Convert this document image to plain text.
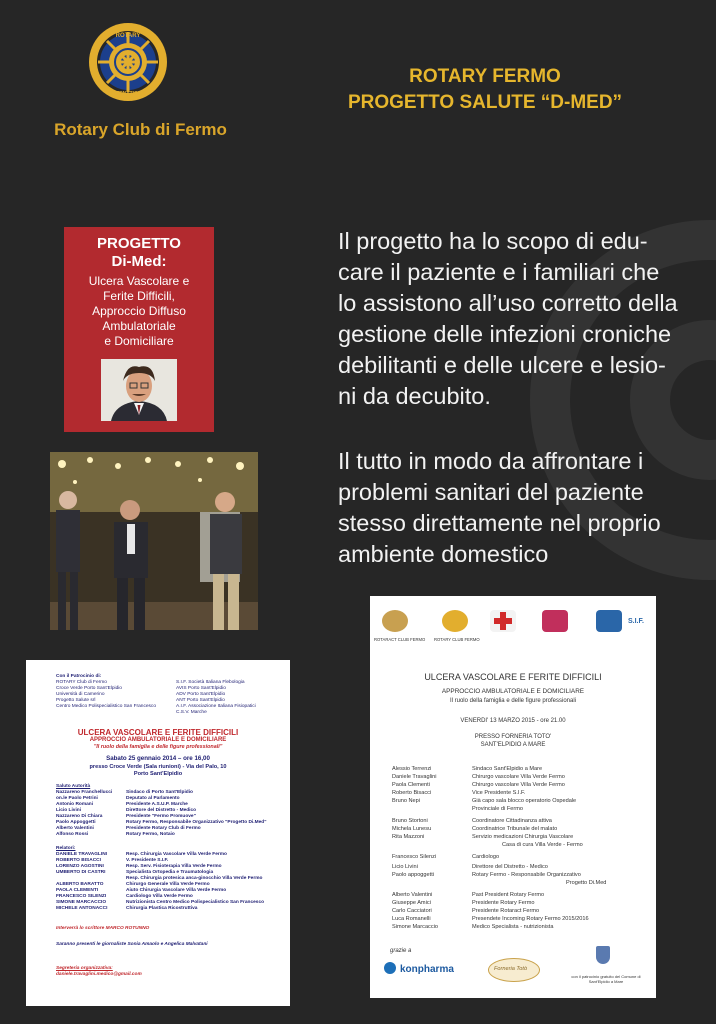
ROTARY
INTERNATIONAL
Rotary Club di Fermo
ROTARY FERMO
PROGETTO SALUTE “D-MED”
Il progetto ha lo scopo di edu-
care il paziente e i familiari che
lo assistono all’uso corretto della
gestione delle infezioni croniche
debilitanti e delle ulcere e lesio-
ni da decubito.
Il tutto in modo da affrontare i
problemi sanitari del paziente
stesso direttamente nel proprio
ambiente domestico
PROGETTO
Di-Med:
Ulcera Vascolare e
Ferite Difficili,
Approccio Diffuso
Ambulatoriale
e Domiciliare
Con il Patrocinio di:
ROTARY Club di Fermo
Croce Verde Porto Sant'Elpidio
Università di Camerino
Progetto Salute srl
Centro Medico Polispecialistico San Francesco
S.I.F. Società Italiana Flebologia
AVIS Porto Sant'Elpidio
ADV Porto Sant'Elpidio
ANT Porto Sant'Elpidio
A.I.F. Associazione Italiana Fisiopatici
C.S.V. Marche
ULCERA VASCOLARE E FERITE DIFFICILI
APPROCCIO AMBULATORIALE E DOMICILIARE
"Il ruolo della famiglia e delle figure professionali"
Sabato 25 gennaio 2014 – ore 16,00
presso Croce Verde (Sala riunioni) - Via del Palo, 10
Porto Sant'Elpidio
Saluto Autorità
Nazzareno Franchellucci	Sindaco di Porto Sant'Elpidio
on.le Paolo Petrini	Deputato al Parlamento
Antonio Romani	Presidente A.S.U.P. Marche
Licio Livini	Direttore del Distretto - Medico
Nazzareno Di Chiara	Presidente "Fermo Promuove"
Paolo Appoggetti	Rotary Fermo, Responsabile Organizzativo "Progetto Di.Med"
Alberto Valentini	Presidente Rotary Club di Fermo
Alfonso Rossi	Rotary Fermo, Notaio
Relatori:
DANIELE TRAVAGLINI	Resp. Chirurgia Vascolare Villa Verde Fermo
ROBERTO BISACCI	V. Presidente S.I.F.
LORENZO AGOSTINI	Resp. Serv. Fisioterapia Villa Verde Fermo
UMBERTO DI CASTRI	Specialista Ortopedia e Traumatologia
Resp. Chirurgia protesica anca-ginocchio Villa Verde Fermo
ALBERTO BARATTO	Chirurgo Generale Villa Verde Fermo
PAOLA CLEMENTI	Aiuto Chirurgia Vascolare Villa Verde Fermo
FRANCESCO SILENZI	Cardiologo Villa Verde Fermo
SIMONE MARCACCIO	Nutrizionista Centro Medico Polispecialistico San Francesco
MICHELE ANTONACCI	Chirurgia Plastica Ricostruttiva
Interverrà lo scrittore MARCO ROTUNNO
Saranno presenti le giornaliste Sonia Amaolo e Angelica Malvatani
Segreteria organizzativa:
daniele.travaglini.medico@gmail.com
ROTARACT CLUB FERMO ROTARY CLUB FERMO
S.I.F.
ULCERA VASCOLARE E FERITE DIFFICILI
APPROCCIO AMBULATORIALE E DOMICILIARE
Il ruolo della famiglia e delle figure professionali
VENERDI' 13 MARZO 2015 - ore 21.00
PRESSO FORNERIA TOTO'
SANT'ELPIDIO A MARE
Alessio Terrenzi	Sindaco Sant'Elpidio a Mare
Daniele Travaglini	Chirurgo vascolare Villa Verde Fermo
Paola Clementi	Chirurgo vascolare Villa Verde Fermo
Roberto Bisacci	Vice Presidente S.I.F.
Bruno Nepi	Già capo sala blocco operatorio Ospedale
Provinciale di Fermo
Bruno Stortoni	Coordinatore Cittadinanza attiva
Michela Lunesu	Coordinatrice Tribunale del malato
Rita Mazzoni	Servizio medicazioni Chirurgia Vascolare
Casa di cura Villa Verde - Fermo
Francesco Silenzi	Cardiologo
Licio Livini	Direttore del Distretto - Medico
Paolo appoggetti	Rotary Fermo - Responsabile Organizzativo
Progetto Di.Med
Alberto Valentini	Past President Rotary Fermo
Giuseppe Amici	Presidente Rotary Fermo
Carlo Cacciatori	Presidente Rotaract Fermo
Luca Romanelli	Presendete Incoming Rotary Fermo 2015/2016
Simone Marcaccio	Medico Specialista - nutrizionista
grazie a
konpharma	Forneria Totò
con il patrocinio gratuito del Comune di Sant'Elpidio a Mare
